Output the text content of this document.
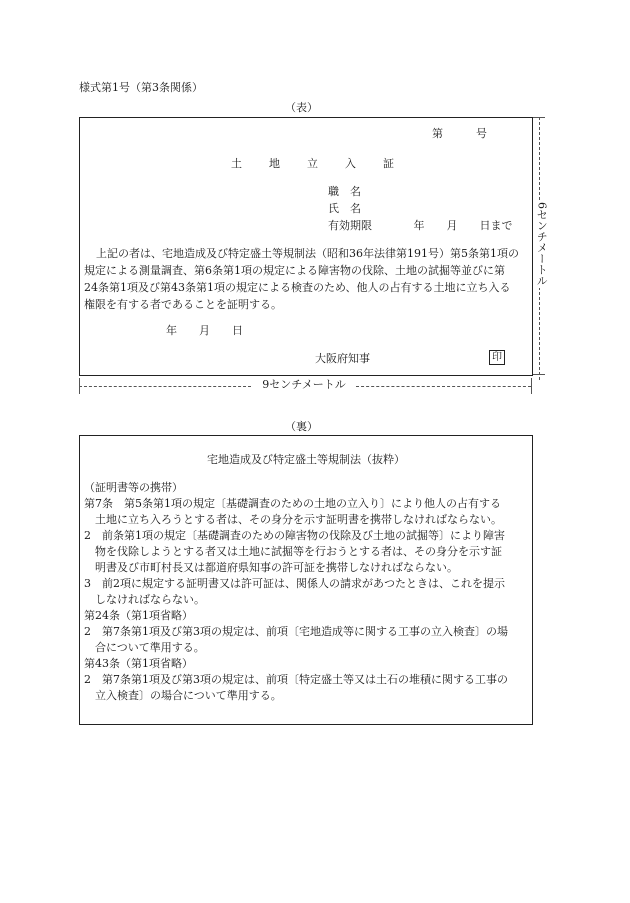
様式第1号（第3条関係）
（表）
第　　　号
土 地 立 入 証
職　名
氏　名
有効期限	年　　月　　日まで
上記の者は、宅地造成及び特定盛土等規制法（昭和36年法律第191号）第5条第1項の
規定による測量調査、第6条第1項の規定による障害物の伐除、土地の試掘等並びに第
24条第1項及び第43条第1項の規定による検査のため、他人の占有する土地に立ち入る
権限を有する者であることを証明する。
年　　月　　日
大阪府知事	印
6センチメートル
9センチメートル
（裏）
宅地造成及び特定盛土等規制法（抜粋）
（証明書等の携帯）
第7条　第5条第1項の規定〔基礎調査のための土地の立入り〕により他人の占有する
　土地に立ち入ろうとする者は、その身分を示す証明書を携帯しなければならない。
2　前条第1項の規定〔基礎調査のための障害物の伐除及び土地の試掘等〕により障害
　物を伐除しようとする者又は土地に試掘等を行おうとする者は、その身分を示す証
　明書及び市町村長又は都道府県知事の許可証を携帯しなければならない。
3　前2項に規定する証明書又は許可証は、関係人の請求があつたときは、これを提示
　しなければならない。
第24条（第1項省略）
2　第7条第1項及び第3項の規定は、前項〔宅地造成等に関する工事の立入検査〕の場
　合について準用する。
第43条（第1項省略）
2　第7条第1項及び第3項の規定は、前項〔特定盛土等又は土石の堆積に関する工事の
　立入検査〕の場合について準用する。
